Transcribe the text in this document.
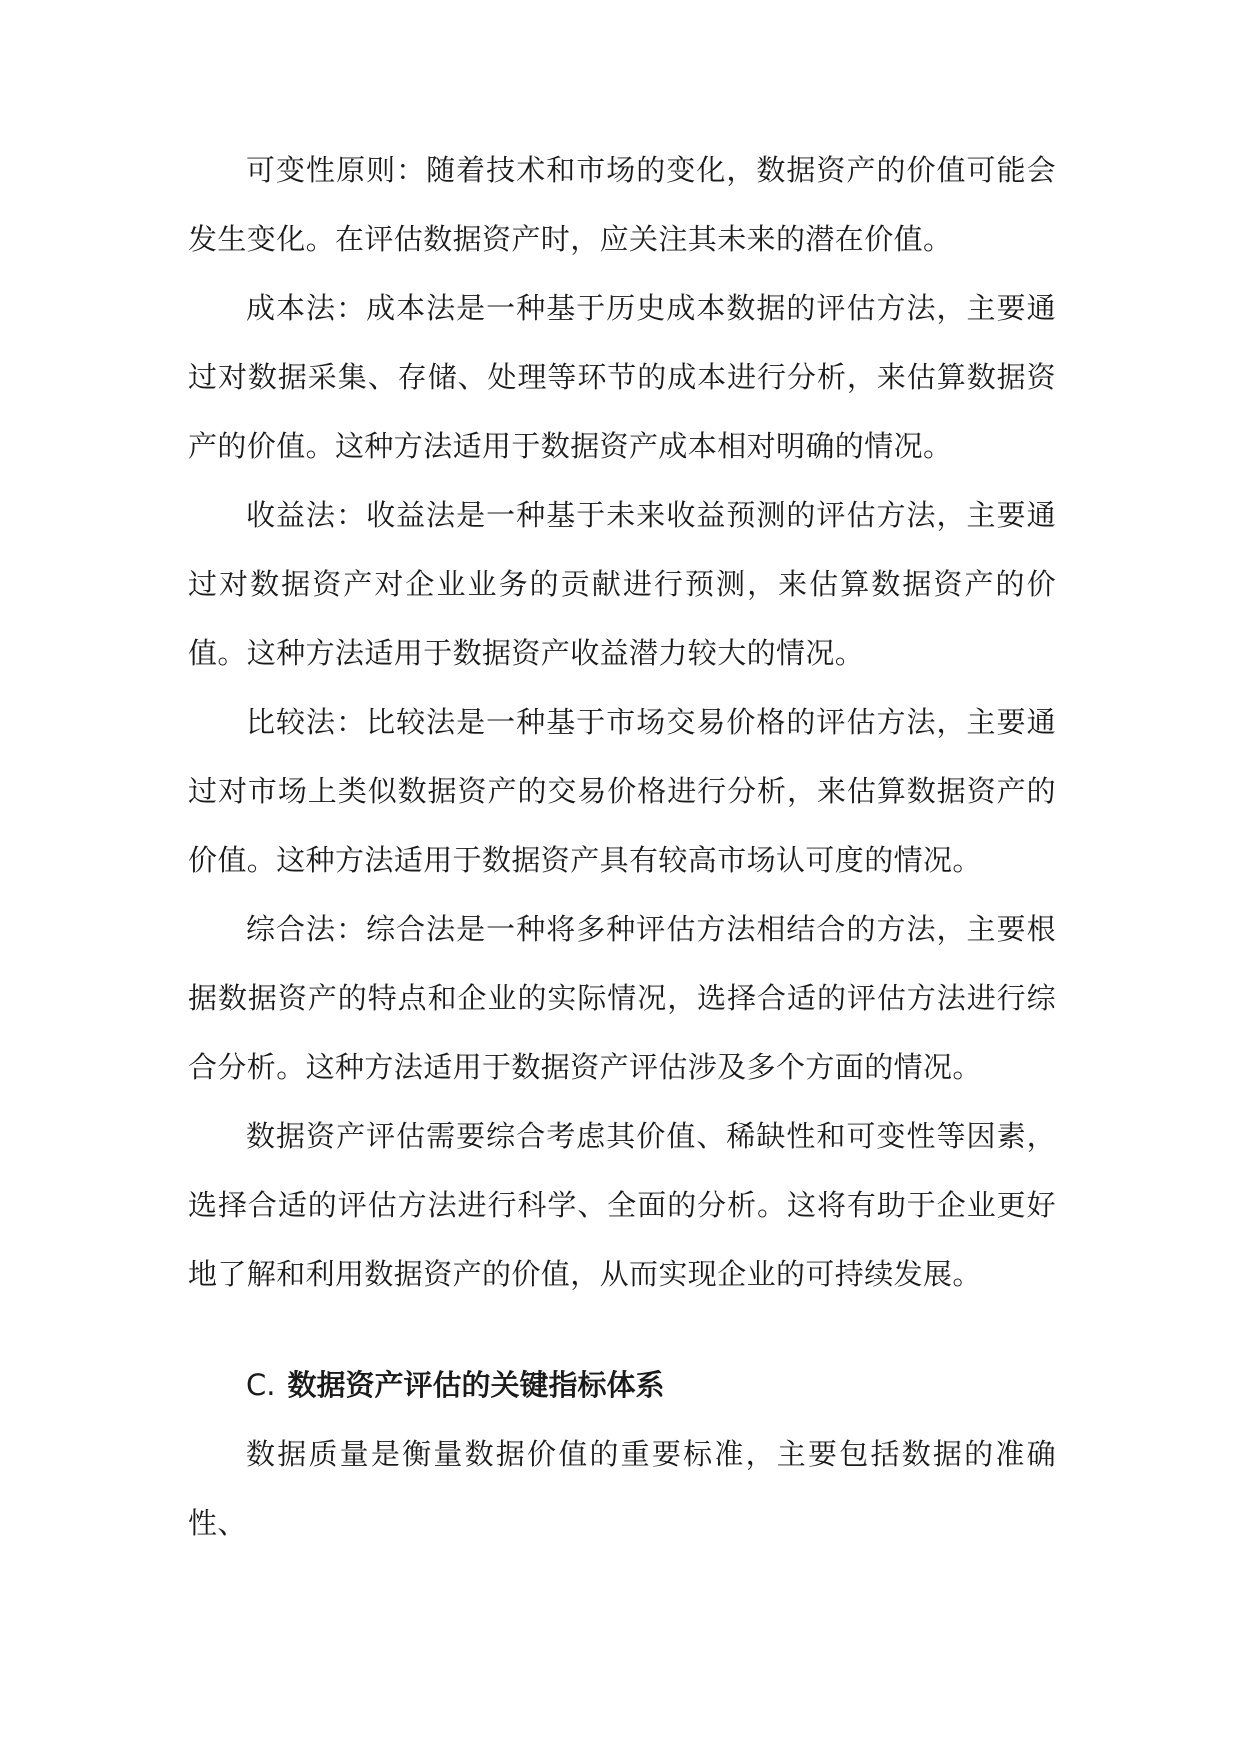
可变性原则：随着技术和市场的变化，数据资产的价值可能会发生变化。在评估数据资产时，应关注其未来的潜在价值。

成本法：成本法是一种基于历史成本数据的评估方法，主要通过对数据采集、存储、处理等环节的成本进行分析，来估算数据资产的价值。这种方法适用于数据资产成本相对明确的情况。

收益法：收益法是一种基于未来收益预测的评估方法，主要通过对数据资产对企业业务的贡献进行预测，来估算数据资产的价值。这种方法适用于数据资产收益潜力较大的情况。

比较法：比较法是一种基于市场交易价格的评估方法，主要通过对市场上类似数据资产的交易价格进行分析，来估算数据资产的价值。这种方法适用于数据资产具有较高市场认可度的情况。

综合法：综合法是一种将多种评估方法相结合的方法，主要根据数据资产的特点和企业的实际情况，选择合适的评估方法进行综合分析。这种方法适用于数据资产评估涉及多个方面的情况。

数据资产评估需要综合考虑其价值、稀缺性和可变性等因素，选择合适的评估方法进行科学、全面的分析。这将有助于企业更好地了解和利用数据资产的价值，从而实现企业的可持续发展。

C. 数据资产评估的关键指标体系

数据质量是衡量数据价值的重要标准，主要包括数据的准确性、
